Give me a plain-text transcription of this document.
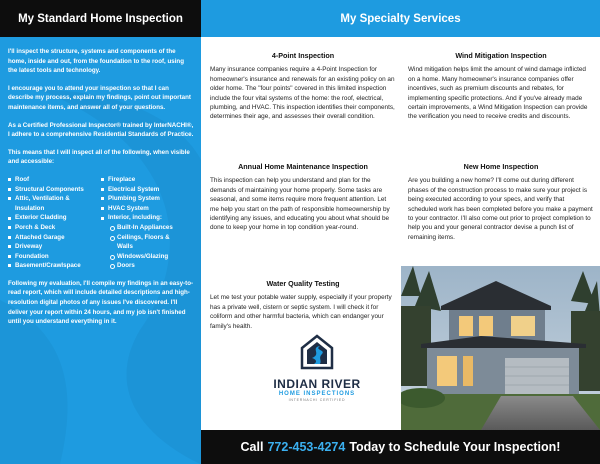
My Standard Home Inspection

I'll inspect the structure, systems and components of the home, inside and out, from the foundation to the roof, using the latest tools and technology.

I encourage you to attend your inspection so that I can describe my process, explain my findings, point out important maintenance items, and answer all of your questions.

As a Certified Professional Inspector® trained by InterNACHI®, I adhere to a comprehensive Residential Standards of Practice.

This means that I will inspect all of the following, when visible and accessible:

Roof
Structural Components
Attic, Ventilation &
Insulation
Exterior Cladding
Porch & Deck
Attached Garage
Driveway
Foundation
Basement/Crawlspace
Fireplace
Electrical System
Plumbing System
HVAC System
Interior, including:
Built-In Appliances
Ceilings, Floors &
Walls
Windows/Glazing
Doors

Following my evaluation, I'll compile my findings in an easy-to-read report, which will include detailed descriptions and high-resolution digital photos of any issues I've discovered. I'll deliver your report within 24 hours, and my job isn't finished until you understand everything in it.

My Specialty Services
4-Point Inspection
Many insurance companies require a 4-Point Inspection for homeowner's insurance and renewals for an existing policy on an older home. The "four points" covered in this limited inspection include the four vital systems of the home: the roof, electrical, plumbing, and HVAC. This inspection identifies their components, determines their age, and assesses their overall condition.
Wind Mitigation Inspection
Wind mitigation helps limit the amount of wind damage inflicted on a home. Many homeowner's insurance companies offer incentives, such as premium discounts and rebates, for implementing specific protections. And if you've already made certain improvements, a Wind Mitigation Inspection can provide the verification you need to receive credits and discounts.
Annual Home Maintenance Inspection
This inspection can help you understand and plan for the demands of maintaining your home properly. Some tasks are seasonal, and some items require more frequent attention. Let me help you start on the path of responsible homeownership by identifying any issues, and educating you about what should be done to keep your home in top condition year-round.
New Home Inspection
Are you building a new home? I'll come out during different phases of the construction process to make sure your project is being executed according to your specs, and verify that scheduled work has been completed before you make a payment to your contractor. I'll also come out prior to project completion to help you and your general contractor devise a punch list of remaining items.
Water Quality Testing
Let me test your potable water supply, especially if your property has a private well, cistern or septic system. I will check it for coliform and other harmful bacteria, which can endanger your family's health.
INDIAN RIVER
HOME INSPECTIONS
INTERNACHI CERTIFIED
Call 772-453-4274 Today to Schedule Your Inspection!
